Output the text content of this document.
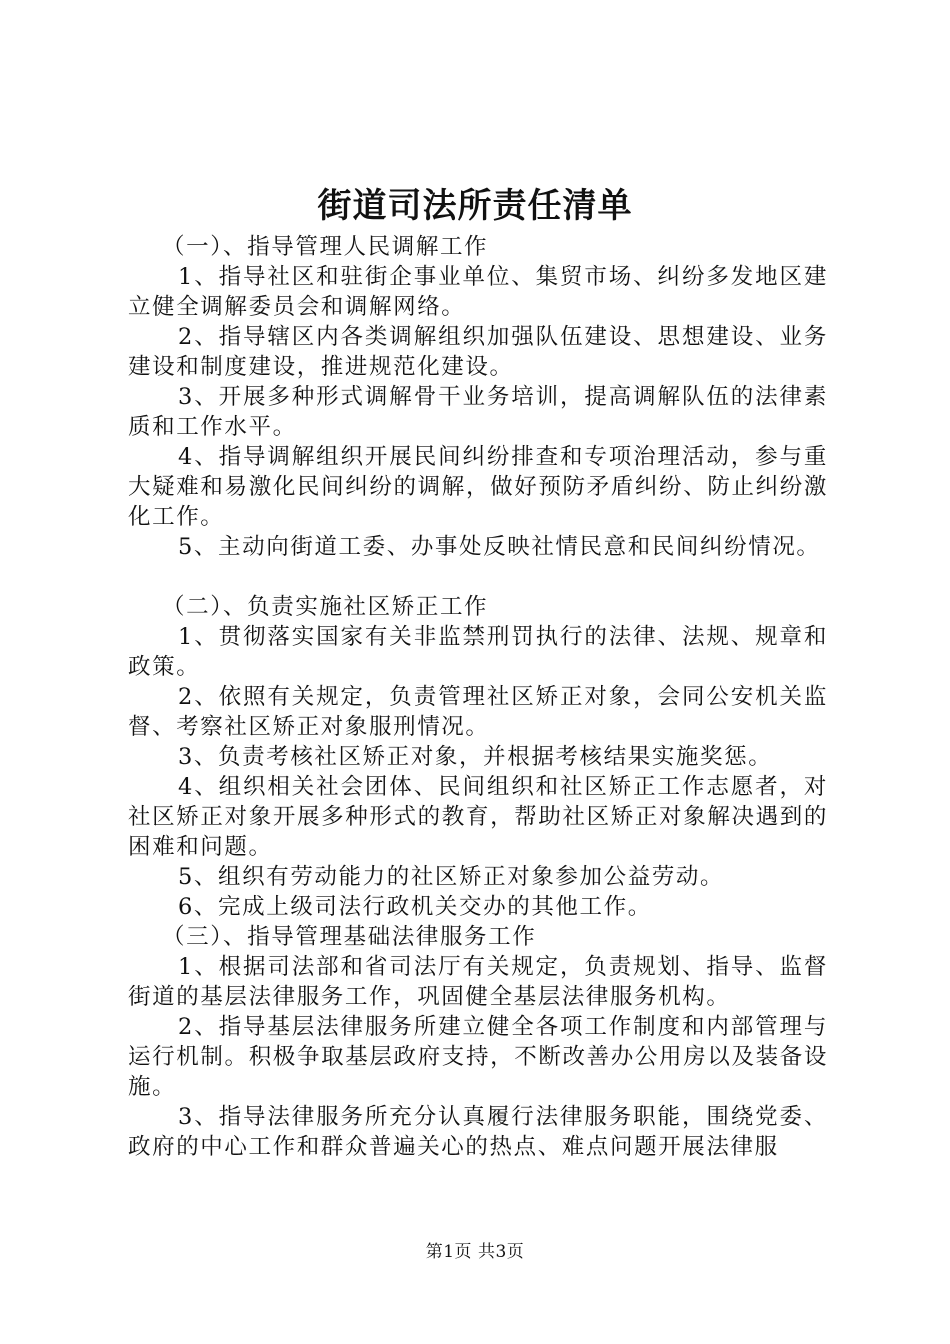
街道司法所责任清单

（一）、指导管理人民调解工作

1、指导社区和驻街企事业单位、集贸市场、纠纷多发地区建立健全调解委员会和调解网络。

2、指导辖区内各类调解组织加强队伍建设、思想建设、业务建设和制度建设，推进规范化建设。

3、开展多种形式调解骨干业务培训，提高调解队伍的法律素质和工作水平。

4、指导调解组织开展民间纠纷排查和专项治理活动，参与重大疑难和易激化民间纠纷的调解，做好预防矛盾纠纷、防止纠纷激化工作。

5、主动向街道工委、办事处反映社情民意和民间纠纷情况。

（二）、负责实施社区矫正工作

1、贯彻落实国家有关非监禁刑罚执行的法律、法规、规章和政策。

2、依照有关规定，负责管理社区矫正对象，会同公安机关监督、考察社区矫正对象服刑情况。

3、负责考核社区矫正对象，并根据考核结果实施奖惩。

4、组织相关社会团体、民间组织和社区矫正工作志愿者，对社区矫正对象开展多种形式的教育，帮助社区矫正对象解决遇到的困难和问题。

5、组织有劳动能力的社区矫正对象参加公益劳动。

6、完成上级司法行政机关交办的其他工作。

（三）、指导管理基础法律服务工作

1、根据司法部和省司法厅有关规定，负责规划、指导、监督街道的基层法律服务工作，巩固健全基层法律服务机构。

2、指导基层法律服务所建立健全各项工作制度和内部管理与运行机制。积极争取基层政府支持，不断改善办公用房以及装备设施。

3、指导法律服务所充分认真履行法律服务职能，围绕党委、政府的中心工作和群众普遍关心的热点、难点问题开展法律服

第1页 共3页
